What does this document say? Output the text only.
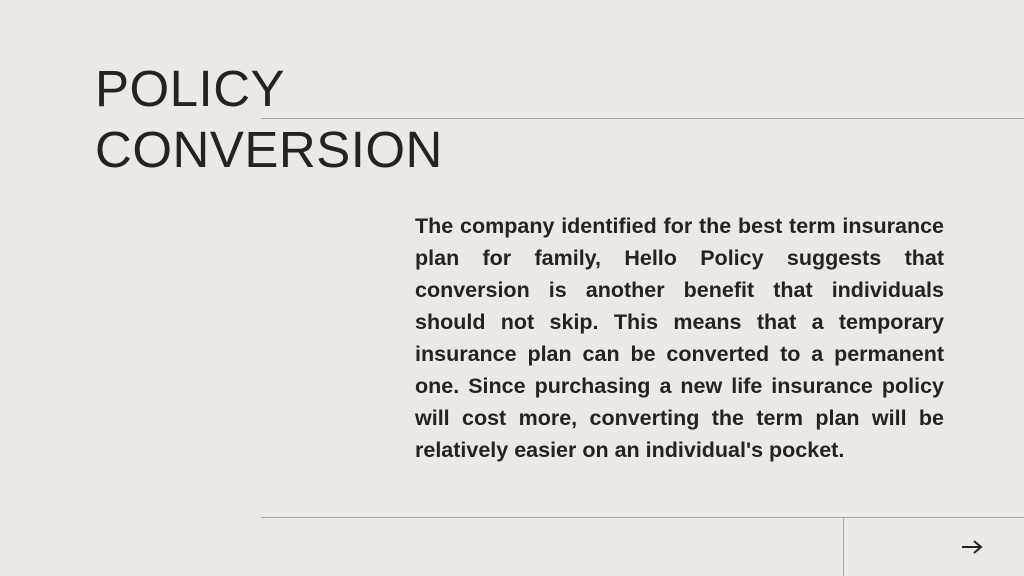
POLICY
CONVERSION

The company identified for the best term insurance plan for family, Hello Policy suggests that conversion is another benefit that individuals should not skip. This means that a temporary insurance plan can be converted to a permanent one. Since purchasing a new life insurance policy will cost more, converting the term plan will be relatively easier on an individual's pocket.
